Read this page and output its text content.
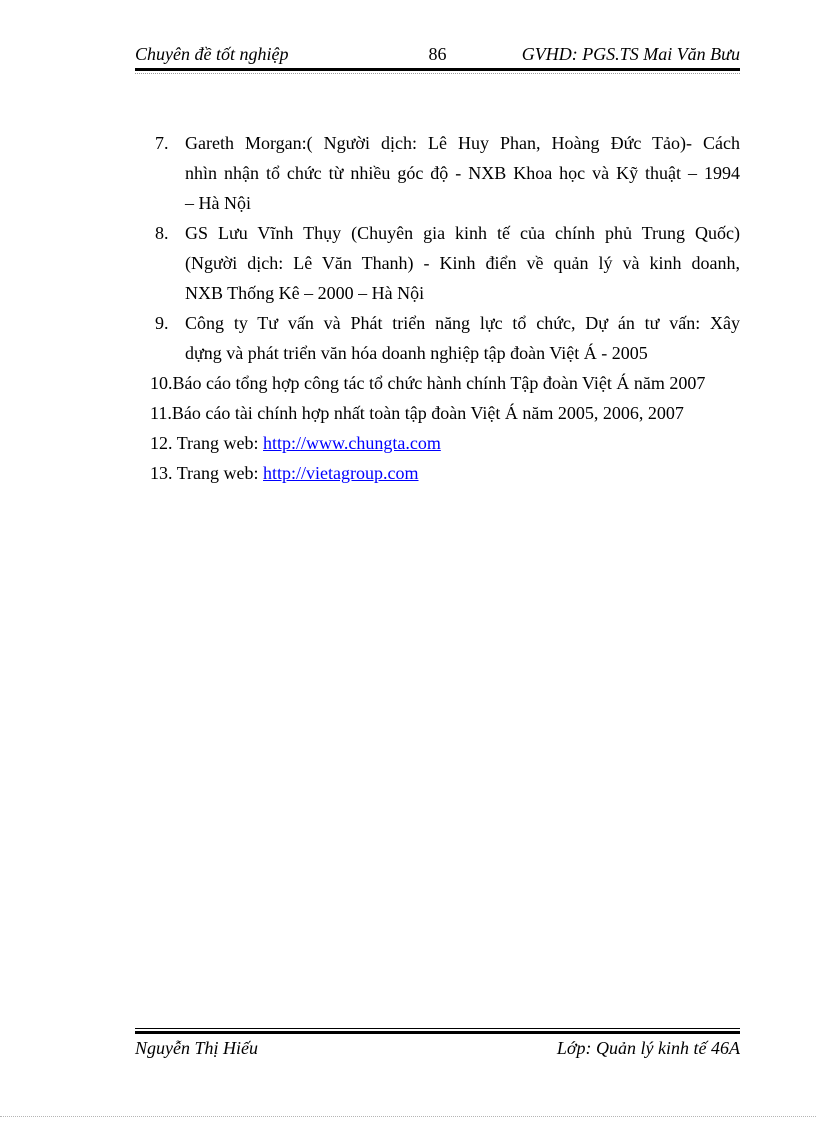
Chuyên đề tốt nghiệp	86	GVHD: PGS.TS Mai Văn Bưu
7. Gareth Morgan:( Người dịch: Lê Huy Phan, Hoàng Đức Tảo)- Cách
nhìn nhận tổ chức từ nhiều góc độ - NXB Khoa học và Kỹ thuật – 1994
– Hà Nội
8. GS Lưu Vĩnh Thụy (Chuyên gia kinh tế của chính phủ Trung Quốc)
(Người dịch: Lê Văn Thanh) - Kinh điển về quản lý và kinh doanh,
NXB Thống Kê – 2000 – Hà Nội
9. Công ty Tư vấn và Phát triển năng lực tổ chức, Dự án tư vấn: Xây
dựng và phát triển văn hóa doanh nghiệp tập đoàn Việt Á - 2005
10.Báo cáo tổng hợp công tác tổ chức hành chính Tập đoàn Việt Á năm 2007
11.Báo cáo tài chính hợp nhất toàn tập đoàn Việt Á năm 2005, 2006, 2007
12. Trang web: http://www.chungta.com
13. Trang web: http://vietagroup.com
Nguyễn Thị Hiếu	Lớp: Quản lý kinh tế 46A
